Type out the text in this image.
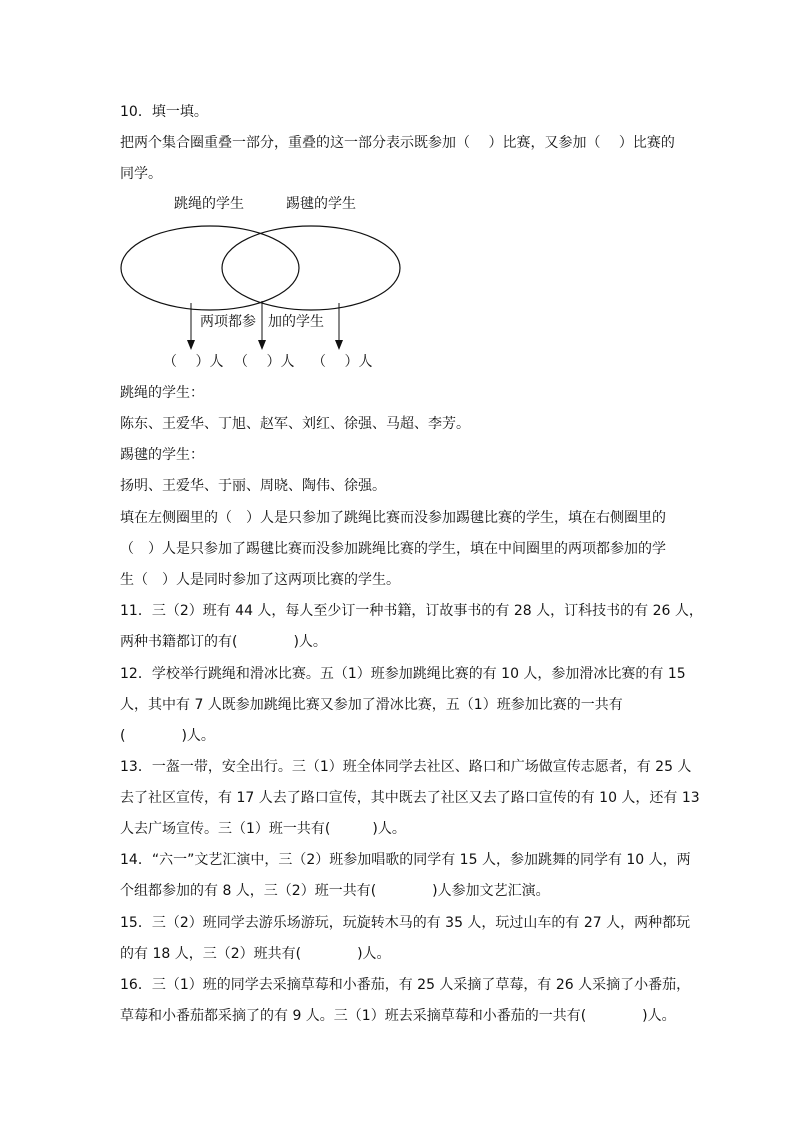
10．填一填。
把两个集合圈重叠一部分，重叠的这一部分表示既参加（　 ）比赛，又参加（　 ）比赛的
同学。
跳绳的学生	踢毽的学生
两项都参 加的学生
（　 ）人 （　 ）人 （　 ）人
跳绳的学生：
陈东、王爱华、丁旭、赵军、刘红、徐强、马超、李芳。
踢毽的学生：
扬明、王爱华、于丽、周晓、陶伟、徐强。
填在左侧圈里的（　）人是只参加了跳绳比赛而没参加踢毽比赛的学生，填在右侧圈里的
（　）人是只参加了踢毽比赛而没参加跳绳比赛的学生，填在中间圈里的两项都参加的学
生（　）人是同时参加了这两项比赛的学生。
11．三（2）班有 44 人，每人至少订一种书籍，订故事书的有 28 人，订科技书的有 26 人，
两种书籍都订的有(　　　　)人。
12．学校举行跳绳和滑冰比赛。五（1）班参加跳绳比赛的有 10 人，参加滑冰比赛的有 15
人，其中有 7 人既参加跳绳比赛又参加了滑冰比赛，五（1）班参加比赛的一共有
(　　　　)人。
13．一盔一带，安全出行。三（1）班全体同学去社区、路口和广场做宣传志愿者，有 25 人
去了社区宣传，有 17 人去了路口宣传，其中既去了社区又去了路口宣传的有 10 人，还有 13
人去广场宣传。三（1）班一共有(　　　)人。
14．“六一”文艺汇演中，三（2）班参加唱歌的同学有 15 人，参加跳舞的同学有 10 人，两
个组都参加的有 8 人，三（2）班一共有(　　　　)人参加文艺汇演。
15．三（2）班同学去游乐场游玩，玩旋转木马的有 35 人，玩过山车的有 27 人，两种都玩
的有 18 人，三（2）班共有(　　　　)人。
16．三（1）班的同学去采摘草莓和小番茄，有 25 人采摘了草莓，有 26 人采摘了小番茄，
草莓和小番茄都采摘了的有 9 人。三（1）班去采摘草莓和小番茄的一共有(　　　　)人。
